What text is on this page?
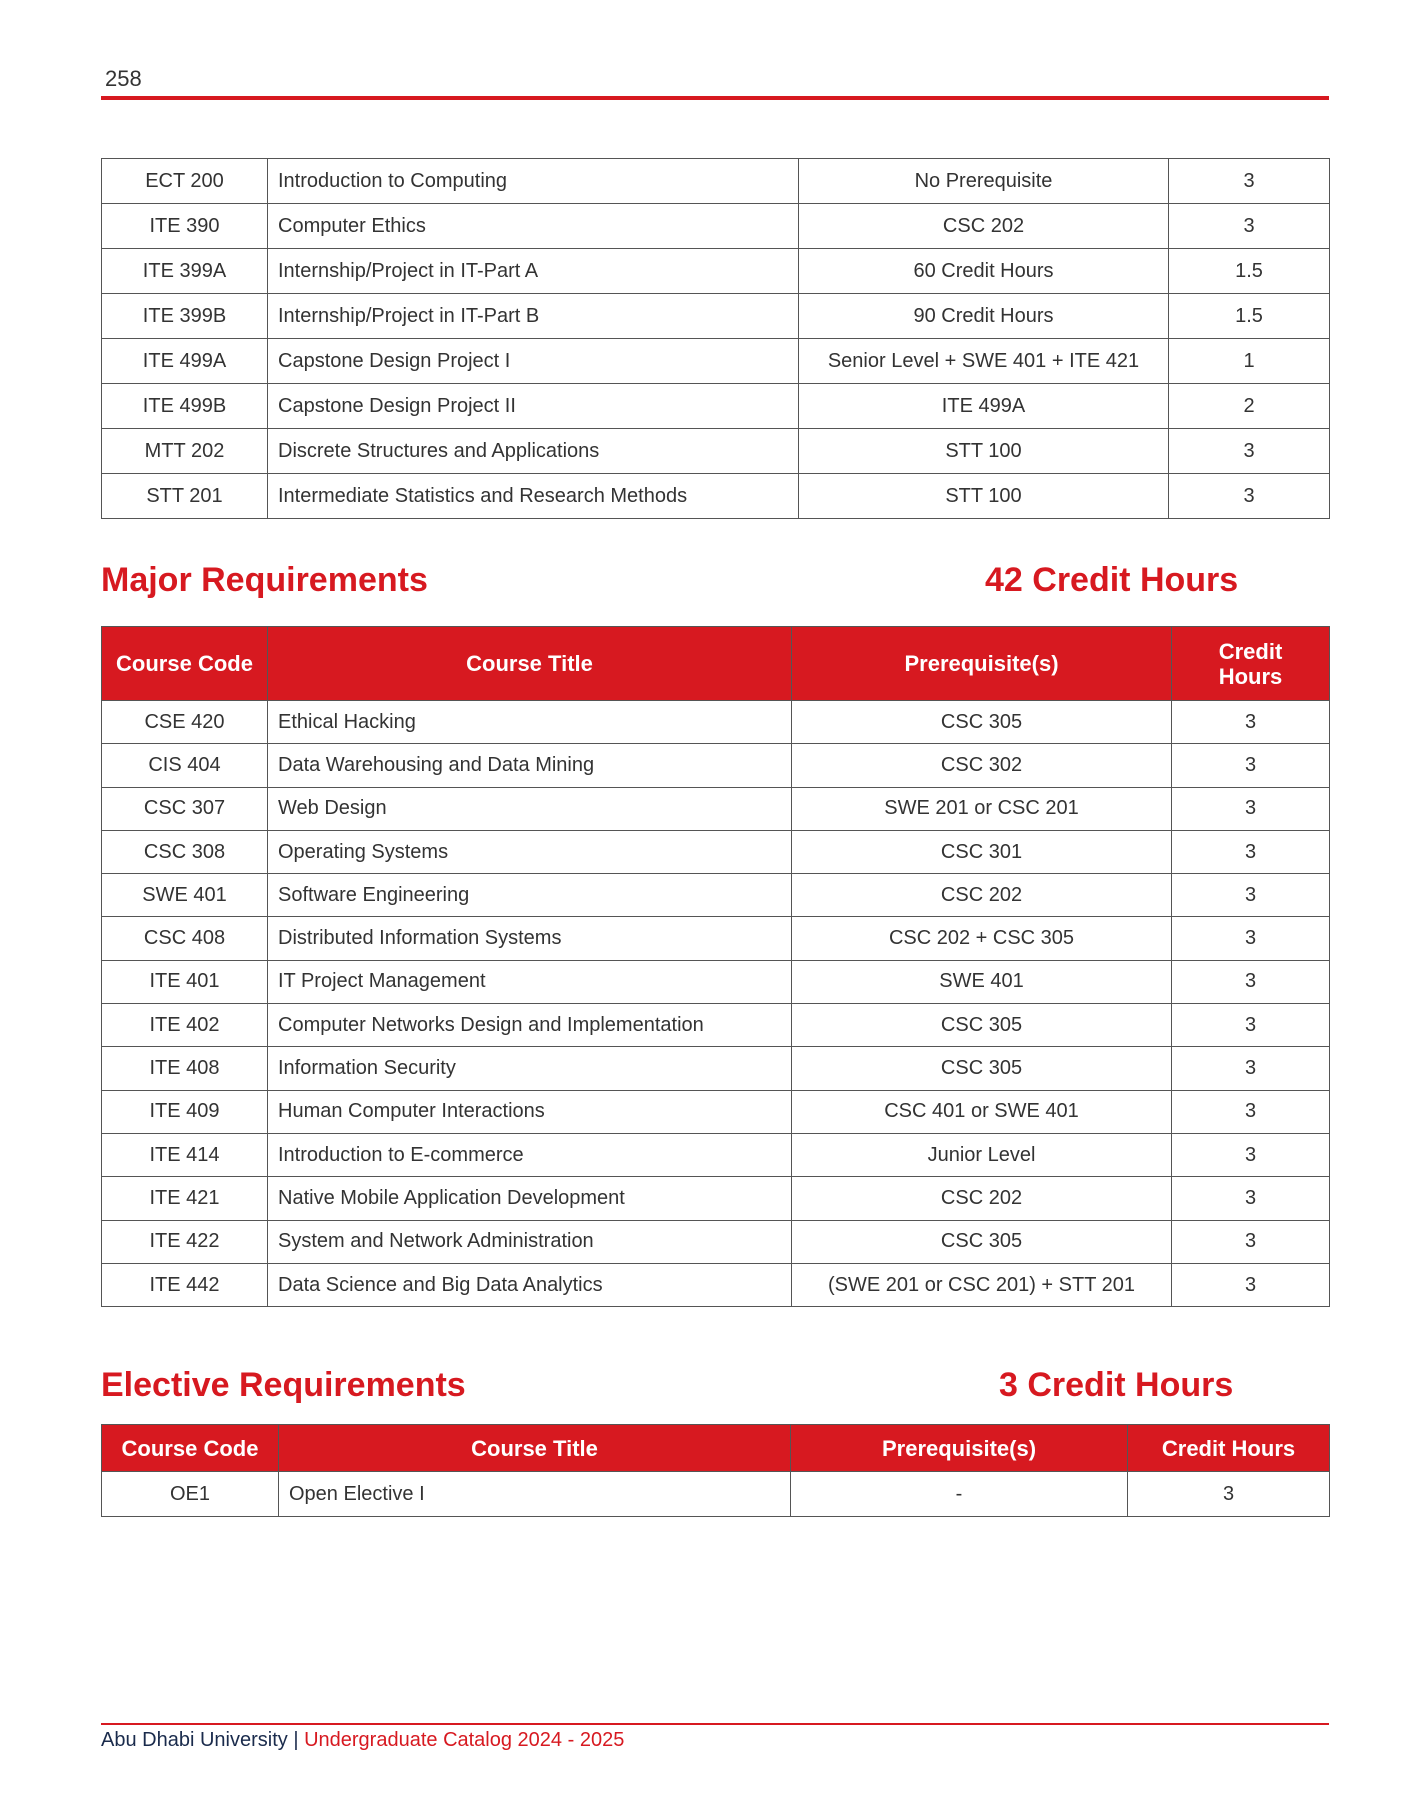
258
ECT 200	Introduction to Computing	No Prerequisite	3
ITE 390	Computer Ethics	CSC 202	3
ITE 399A	Internship/Project in IT-Part A	60 Credit Hours	1.5
ITE 399B	Internship/Project in IT-Part B	90 Credit Hours	1.5
ITE 499A	Capstone Design Project I	Senior Level + SWE 401 + ITE 421	1
ITE 499B	Capstone Design Project II	ITE 499A	2
MTT 202	Discrete Structures and Applications	STT 100	3
STT 201	Intermediate Statistics and Research Methods	STT 100	3
Major Requirements	42 Credit Hours
Course Code	Course Title	Prerequisite(s)	Credit Hours
CSE 420	Ethical Hacking	CSC 305	3
CIS 404	Data Warehousing and Data Mining	CSC 302	3
CSC 307	Web Design	SWE 201 or CSC 201	3
CSC 308	Operating Systems	CSC 301	3
SWE 401	Software Engineering	CSC 202	3
CSC 408	Distributed Information Systems	CSC 202 + CSC 305	3
ITE 401	IT Project Management	SWE 401	3
ITE 402	Computer Networks Design and Implementation	CSC 305	3
ITE 408	Information Security	CSC 305	3
ITE 409	Human Computer Interactions	CSC 401 or SWE 401	3
ITE 414	Introduction to E-commerce	Junior Level	3
ITE 421	Native Mobile Application Development	CSC 202	3
ITE 422	System and Network Administration	CSC 305	3
ITE 442	Data Science and Big Data Analytics	(SWE 201 or CSC 201) + STT 201	3
Elective Requirements	3 Credit Hours
Course Code	Course Title	Prerequisite(s)	Credit Hours
OE1	Open Elective I	-	3
Abu Dhabi University | Undergraduate Catalog 2024 - 2025
